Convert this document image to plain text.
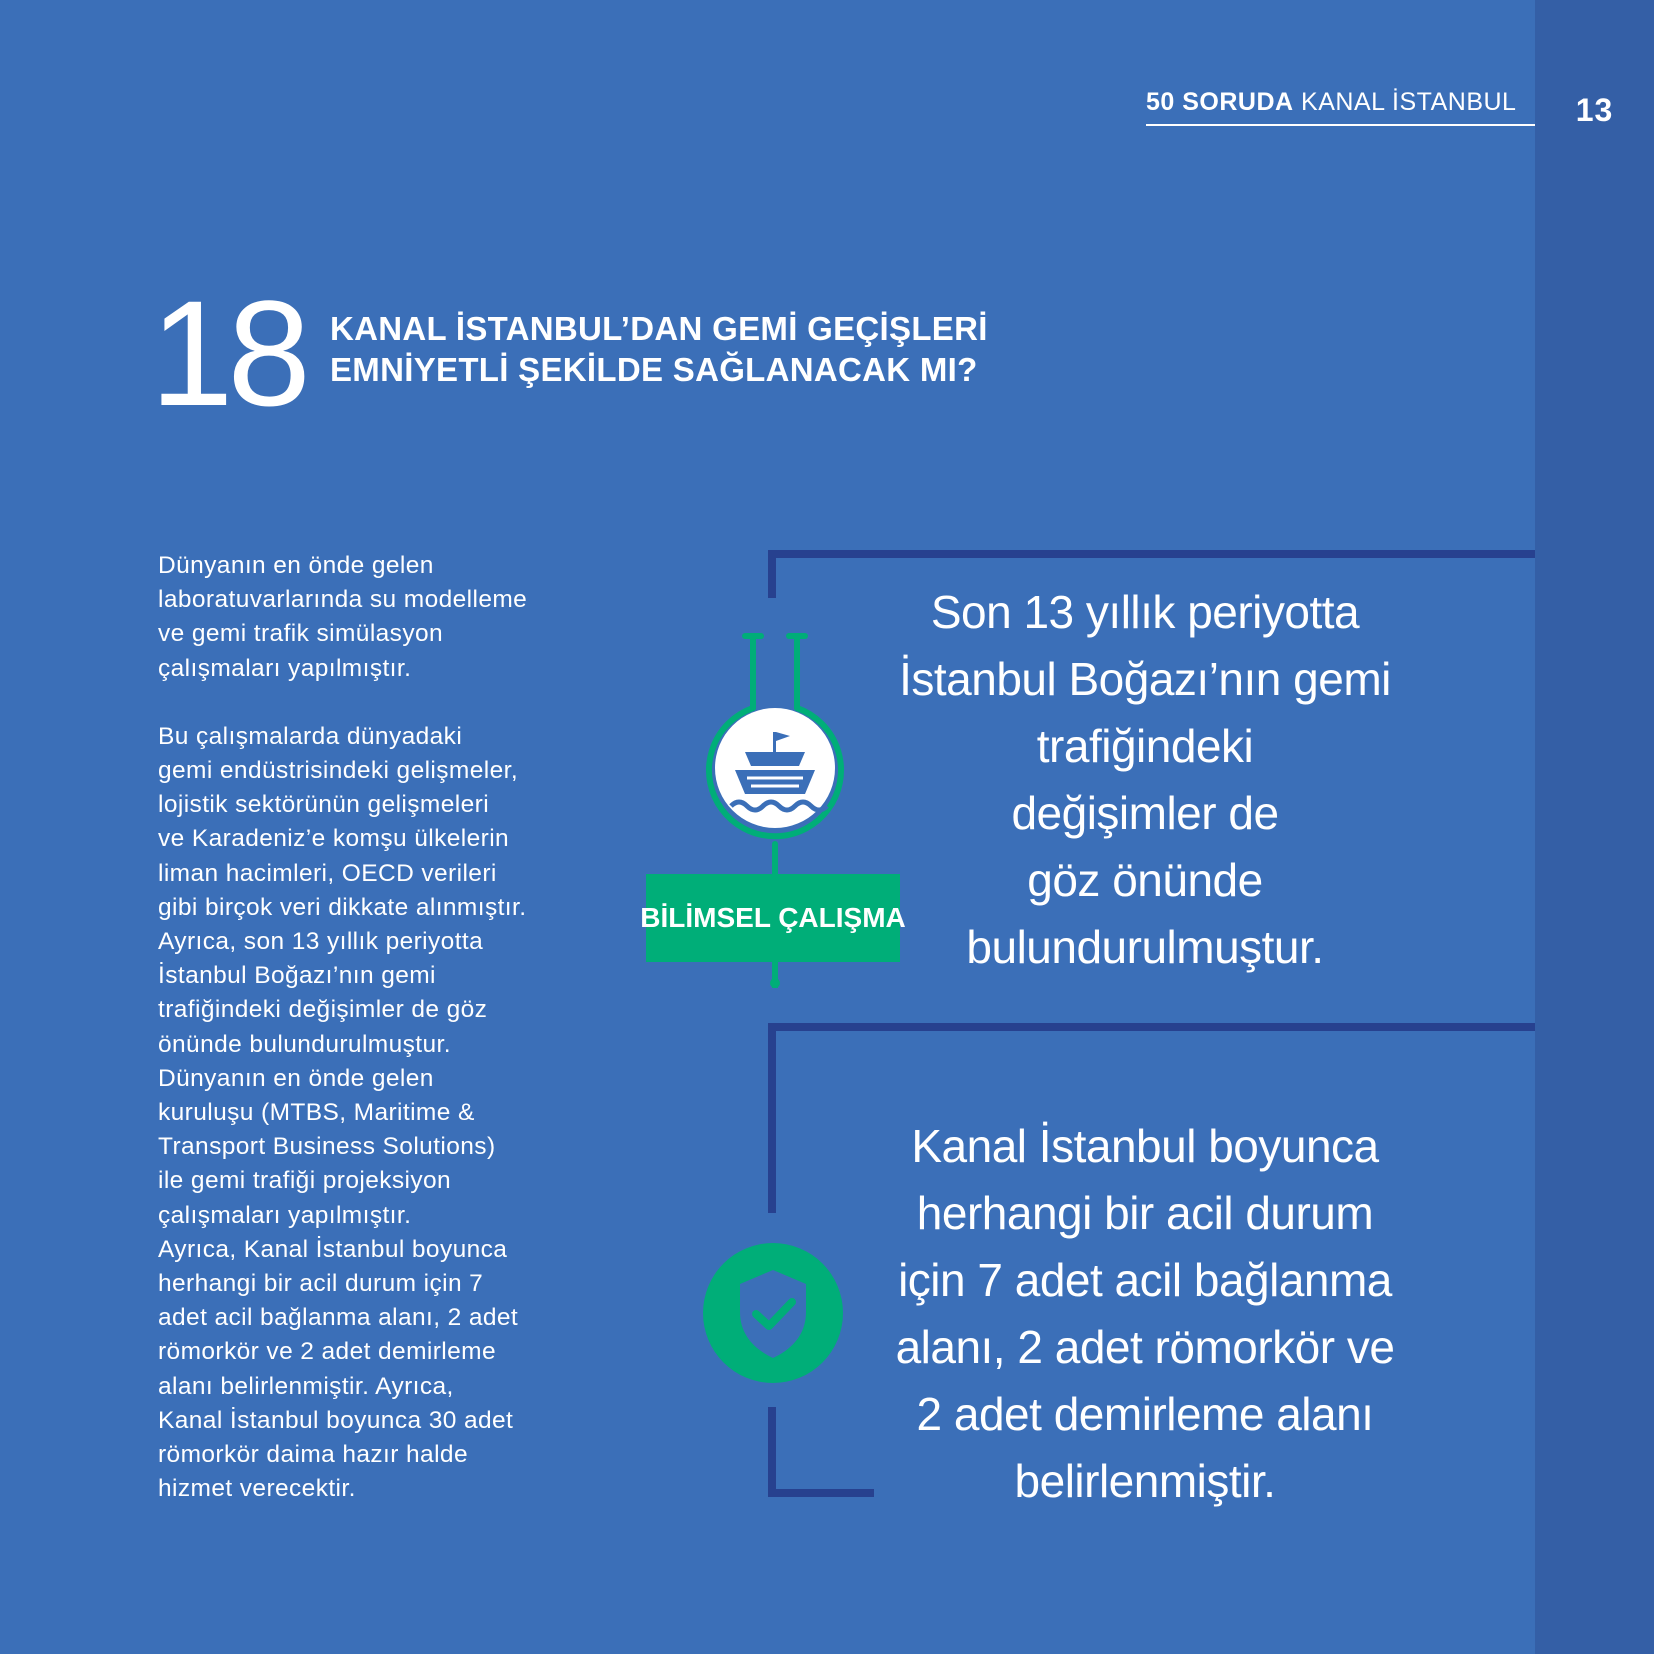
13
50 SORUDA KANAL İSTANBUL
18 KANAL İSTANBUL’DAN GEMİ GEÇİŞLERİ
EMNİYETLİ ŞEKİLDE SAĞLANACAK MI?

Dünyanın en önde gelen
laboratuvarlarında su modelleme
ve gemi trafik simülasyon
çalışmaları yapılmıştır.

Bu çalışmalarda dünyadaki
gemi endüstrisindeki gelişmeler,
lojistik sektörünün gelişmeleri
ve Karadeniz’e komşu ülkelerin
liman hacimleri, OECD verileri
gibi birçok veri dikkate alınmıştır.
Ayrıca, son 13 yıllık periyotta
İstanbul Boğazı’nın gemi
trafiğindeki değişimler de göz
önünde bulundurulmuştur.
Dünyanın en önde gelen
kuruluşu (MTBS, Maritime &
Transport Business Solutions)
ile gemi trafiği projeksiyon
çalışmaları yapılmıştır.
Ayrıca, Kanal İstanbul boyunca
herhangi bir acil durum için 7
adet acil bağlanma alanı, 2 adet
römorkör ve 2 adet demirleme
alanı belirlenmiştir. Ayrıca,
Kanal İstanbul boyunca 30 adet
römorkör daima hazır halde
hizmet verecektir.

BİLİMSEL ÇALIŞMA
Son 13 yıllık periyotta
İstanbul Boğazı’nın gemi
trafiğindeki
değişimler de
göz önünde
bulundurulmuştur.
Kanal İstanbul boyunca
herhangi bir acil durum
için 7 adet acil bağlanma
alanı, 2 adet römorkör ve
2 adet demirleme alanı
belirlenmiştir.
